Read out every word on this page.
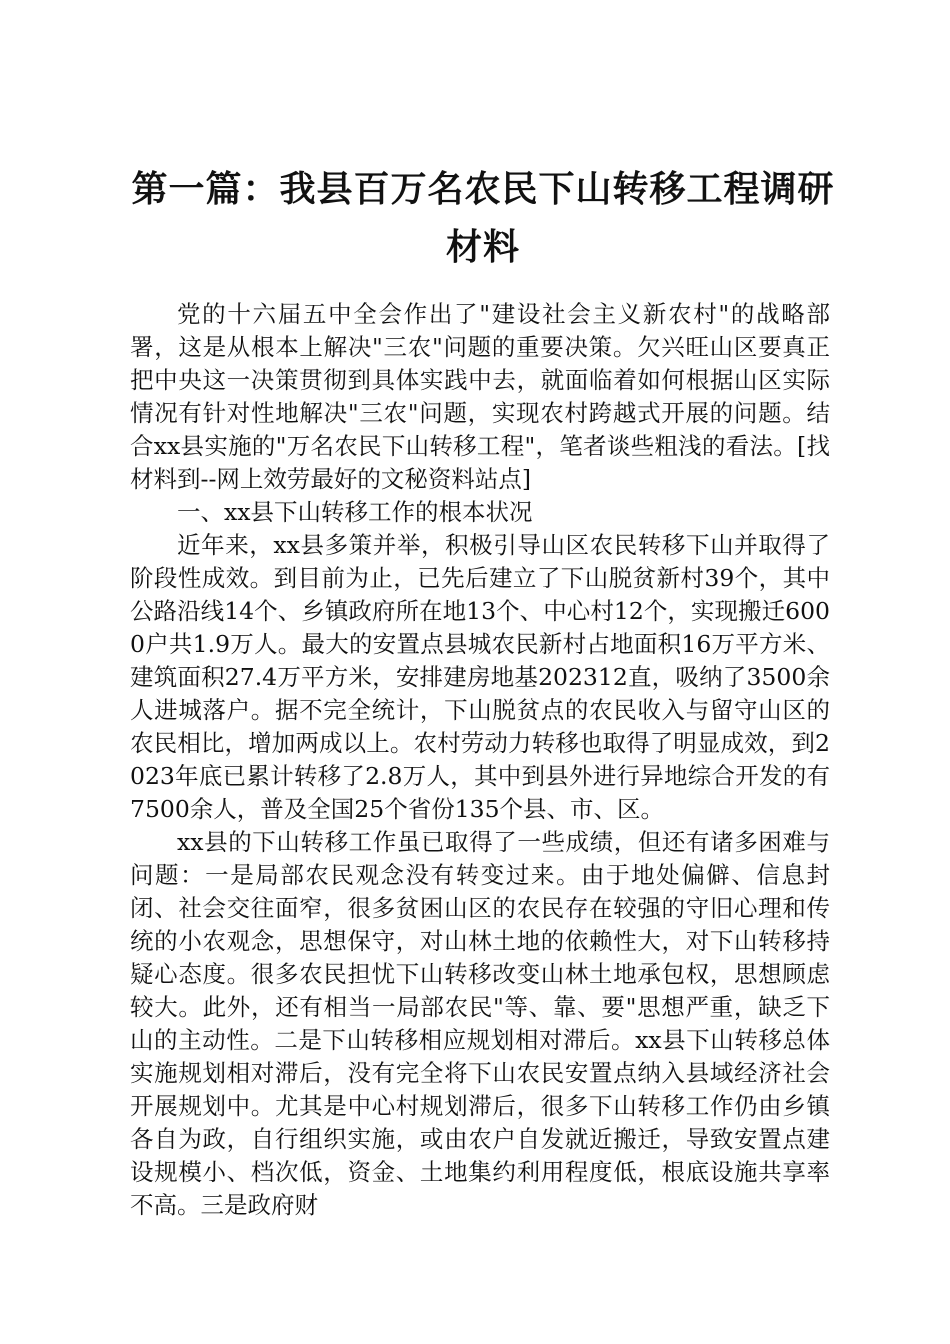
第一篇：我县百万名农民下山转移工程调研材料

党的十六届五中全会作出了"建设社会主义新农村"的战略部署，这是从根本上解决"三农"问题的重要决策。欠兴旺山区要真正把中央这一决策贯彻到具体实践中去，就面临着如何根据山区实际情况有针对性地解决"三农"问题，实现农村跨越式开展的问题。结合xx县实施的"万名农民下山转移工程"，笔者谈些粗浅的看法。[找材料到--网上效劳最好的文秘资料站点]

一、xx县下山转移工作的根本状况

近年来，xx县多策并举，积极引导山区农民转移下山并取得了阶段性成效。到目前为止，已先后建立了下山脱贫新村39个，其中公路沿线14个、乡镇政府所在地13个、中心村12个，实现搬迁6000户共1.9万人。最大的安置点县城农民新村占地面积16万平方米、建筑面积27.4万平方米，安排建房地基202312直，吸纳了3500余人进城落户。据不完全统计，下山脱贫点的农民收入与留守山区的农民相比，增加两成以上。农村劳动力转移也取得了明显成效，到2023年底已累计转移了2.8万人，其中到县外进行异地综合开发的有7500余人，普及全国25个省份135个县、市、区。

xx县的下山转移工作虽已取得了一些成绩，但还有诸多困难与问题：一是局部农民观念没有转变过来。由于地处偏僻、信息封闭、社会交往面窄，很多贫困山区的农民存在较强的守旧心理和传统的小农观念，思想保守，对山林土地的依赖性大，对下山转移持疑心态度。很多农民担忧下山转移改变山林土地承包权，思想顾虑较大。此外，还有相当一局部农民"等、靠、要"思想严重，缺乏下山的主动性。二是下山转移相应规划相对滞后。xx县下山转移总体实施规划相对滞后，没有完全将下山农民安置点纳入县域经济社会开展规划中。尤其是中心村规划滞后，很多下山转移工作仍由乡镇各自为政，自行组织实施，或由农户自发就近搬迁，导致安置点建设规模小、档次低，资金、土地集约利用程度低，根底设施共享率不高。三是政府财
